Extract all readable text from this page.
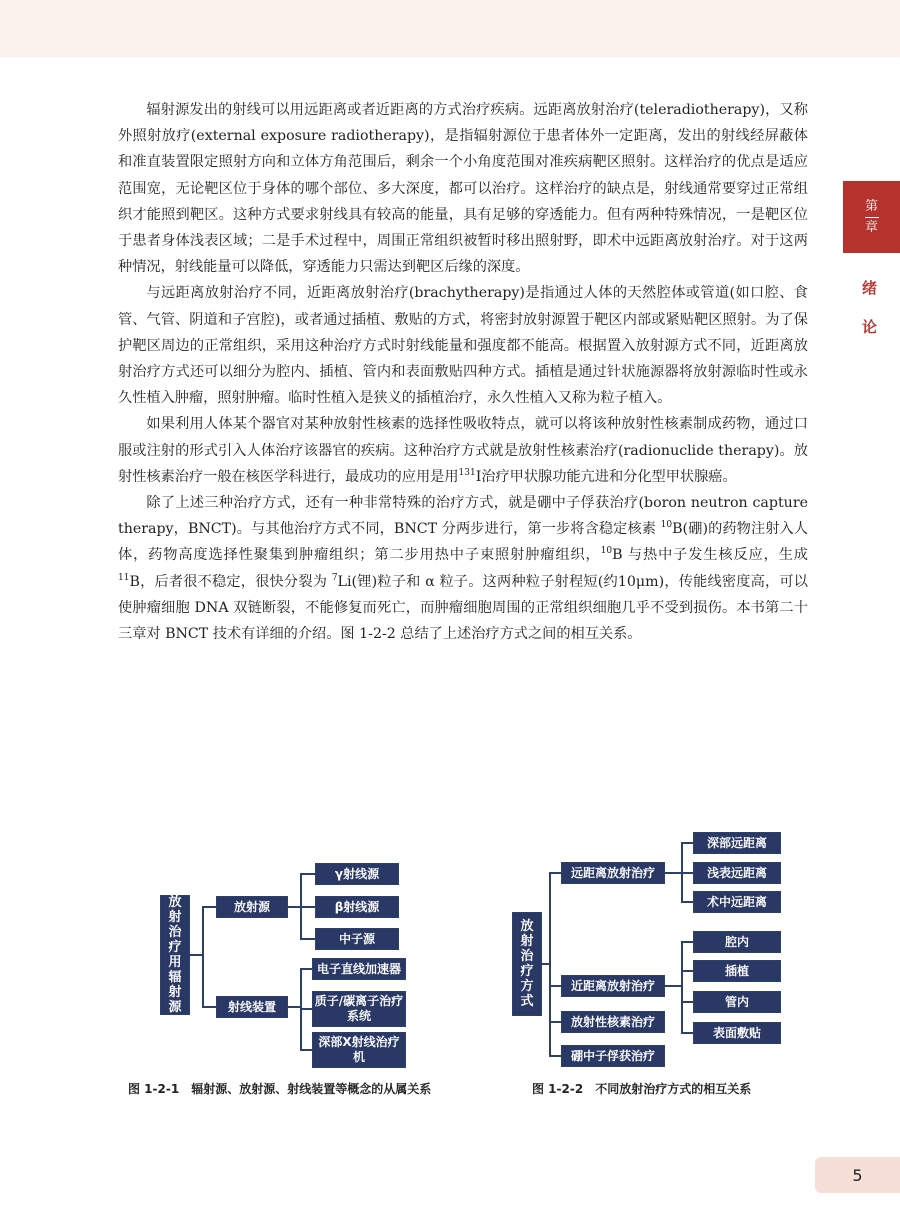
第
章
绪
论

辐射源发出的射线可以用远距离或者近距离的方式治疗疾病。远距离放射治疗(teleradiotherapy)，又称外照射放疗(external exposure radiotherapy)，是指辐射源位于患者体外一定距离，发出的射线经屏蔽体和准直装置限定照射方向和立体方角范围后，剩余一个小角度范围对准疾病靶区照射。这样治疗的优点是适应范围宽，无论靶区位于身体的哪个部位、多大深度，都可以治疗。这样治疗的缺点是，射线通常要穿过正常组织才能照到靶区。这种方式要求射线具有较高的能量，具有足够的穿透能力。但有两种特殊情况，一是靶区位于患者身体浅表区域；二是手术过程中，周围正常组织被暂时移出照射野，即术中远距离放射治疗。对于这两种情况，射线能量可以降低，穿透能力只需达到靶区后缘的深度。

与远距离放射治疗不同，近距离放射治疗(brachytherapy)是指通过人体的天然腔体或管道(如口腔、食管、气管、阴道和子宫腔)，或者通过插植、敷贴的方式，将密封放射源置于靶区内部或紧贴靶区照射。为了保护靶区周边的正常组织，采用这种治疗方式时射线能量和强度都不能高。根据置入放射源方式不同，近距离放射治疗方式还可以细分为腔内、插植、管内和表面敷贴四种方式。插植是通过针状施源器将放射源临时性或永久性植入肿瘤，照射肿瘤。临时性植入是狭义的插植治疗，永久性植入又称为粒子植入。

如果利用人体某个器官对某种放射性核素的选择性吸收特点，就可以将该种放射性核素制成药物，通过口服或注射的形式引入人体治疗该器官的疾病。这种治疗方式就是放射性核素治疗(radionuclide therapy)。放射性核素治疗一般在核医学科进行，最成功的应用是用$^{131}$I治疗甲状腺功能亢进和分化型甲状腺癌。

除了上述三种治疗方式，还有一种非常特殊的治疗方式，就是硼中子俘获治疗(boron neutron capture therapy，BNCT)。与其他治疗方式不同，BNCT 分两步进行，第一步将含稳定核素 $^{10}$B(硼)的药物注射入人体，药物高度选择性聚集到肿瘤组织；第二步用热中子束照射肿瘤组织，$^{10}$B 与热中子发生核反应，生成 $^{11}$B，后者很不稳定，很快分裂为 $^7$Li(锂)粒子和 α 粒子。这两种粒子射程短(约10μm)，传能线密度高，可以使肿瘤细胞 DNA 双链断裂，不能修复而死亡，而肿瘤细胞周围的正常组织细胞几乎不受到损伤。本书第二十三章对 BNCT 技术有详细的介绍。图 1-2-2 总结了上述治疗方式之间的相互关系。

放
射
治
疗
用
辐
射
源
放射源
射线装置
γ射线源
β射线源
中子源
电子直线加速器
质子/碳离子治疗系统
深部X射线治疗机
图 1-2-1　辐射源、放射源、射线装置等概念的从属关系
放
射
治
疗
方
式
远距离放射治疗
近距离放射治疗
放射性核素治疗
硼中子俘获治疗
深部远距离
浅表远距离
术中远距离
腔内
插植
管内
表面敷贴
图 1-2-2　不同放射治疗方式的相互关系
5
